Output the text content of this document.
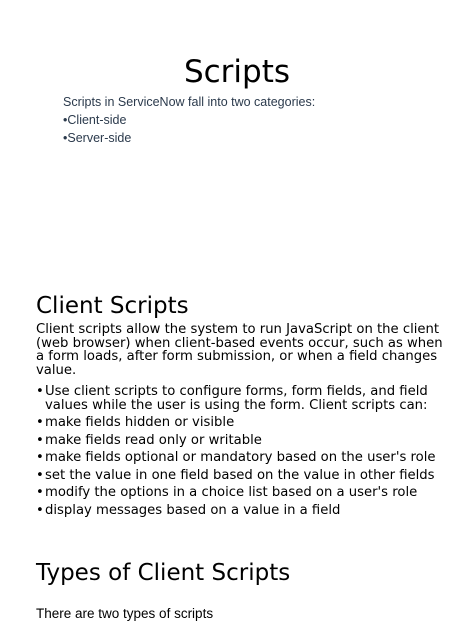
Scripts

Scripts in ServiceNow fall into two categories:

• Client-side
• Server-side
Client Scripts

Client scripts allow the system to run JavaScript on the client (web browser) when client-based events occur, such as when a form loads, after form submission, or when a field changes value.

• Use client scripts to configure forms, form fields, and field values while the user is using the form. Client scripts can:
• make fields hidden or visible
• make fields read only or writable
• make fields optional or mandatory based on the user's role
• set the value in one field based on the value in other fields
• modify the options in a choice list based on a user's role
• display messages based on a value in a field
Types of Client Scripts

There are two types of scripts
